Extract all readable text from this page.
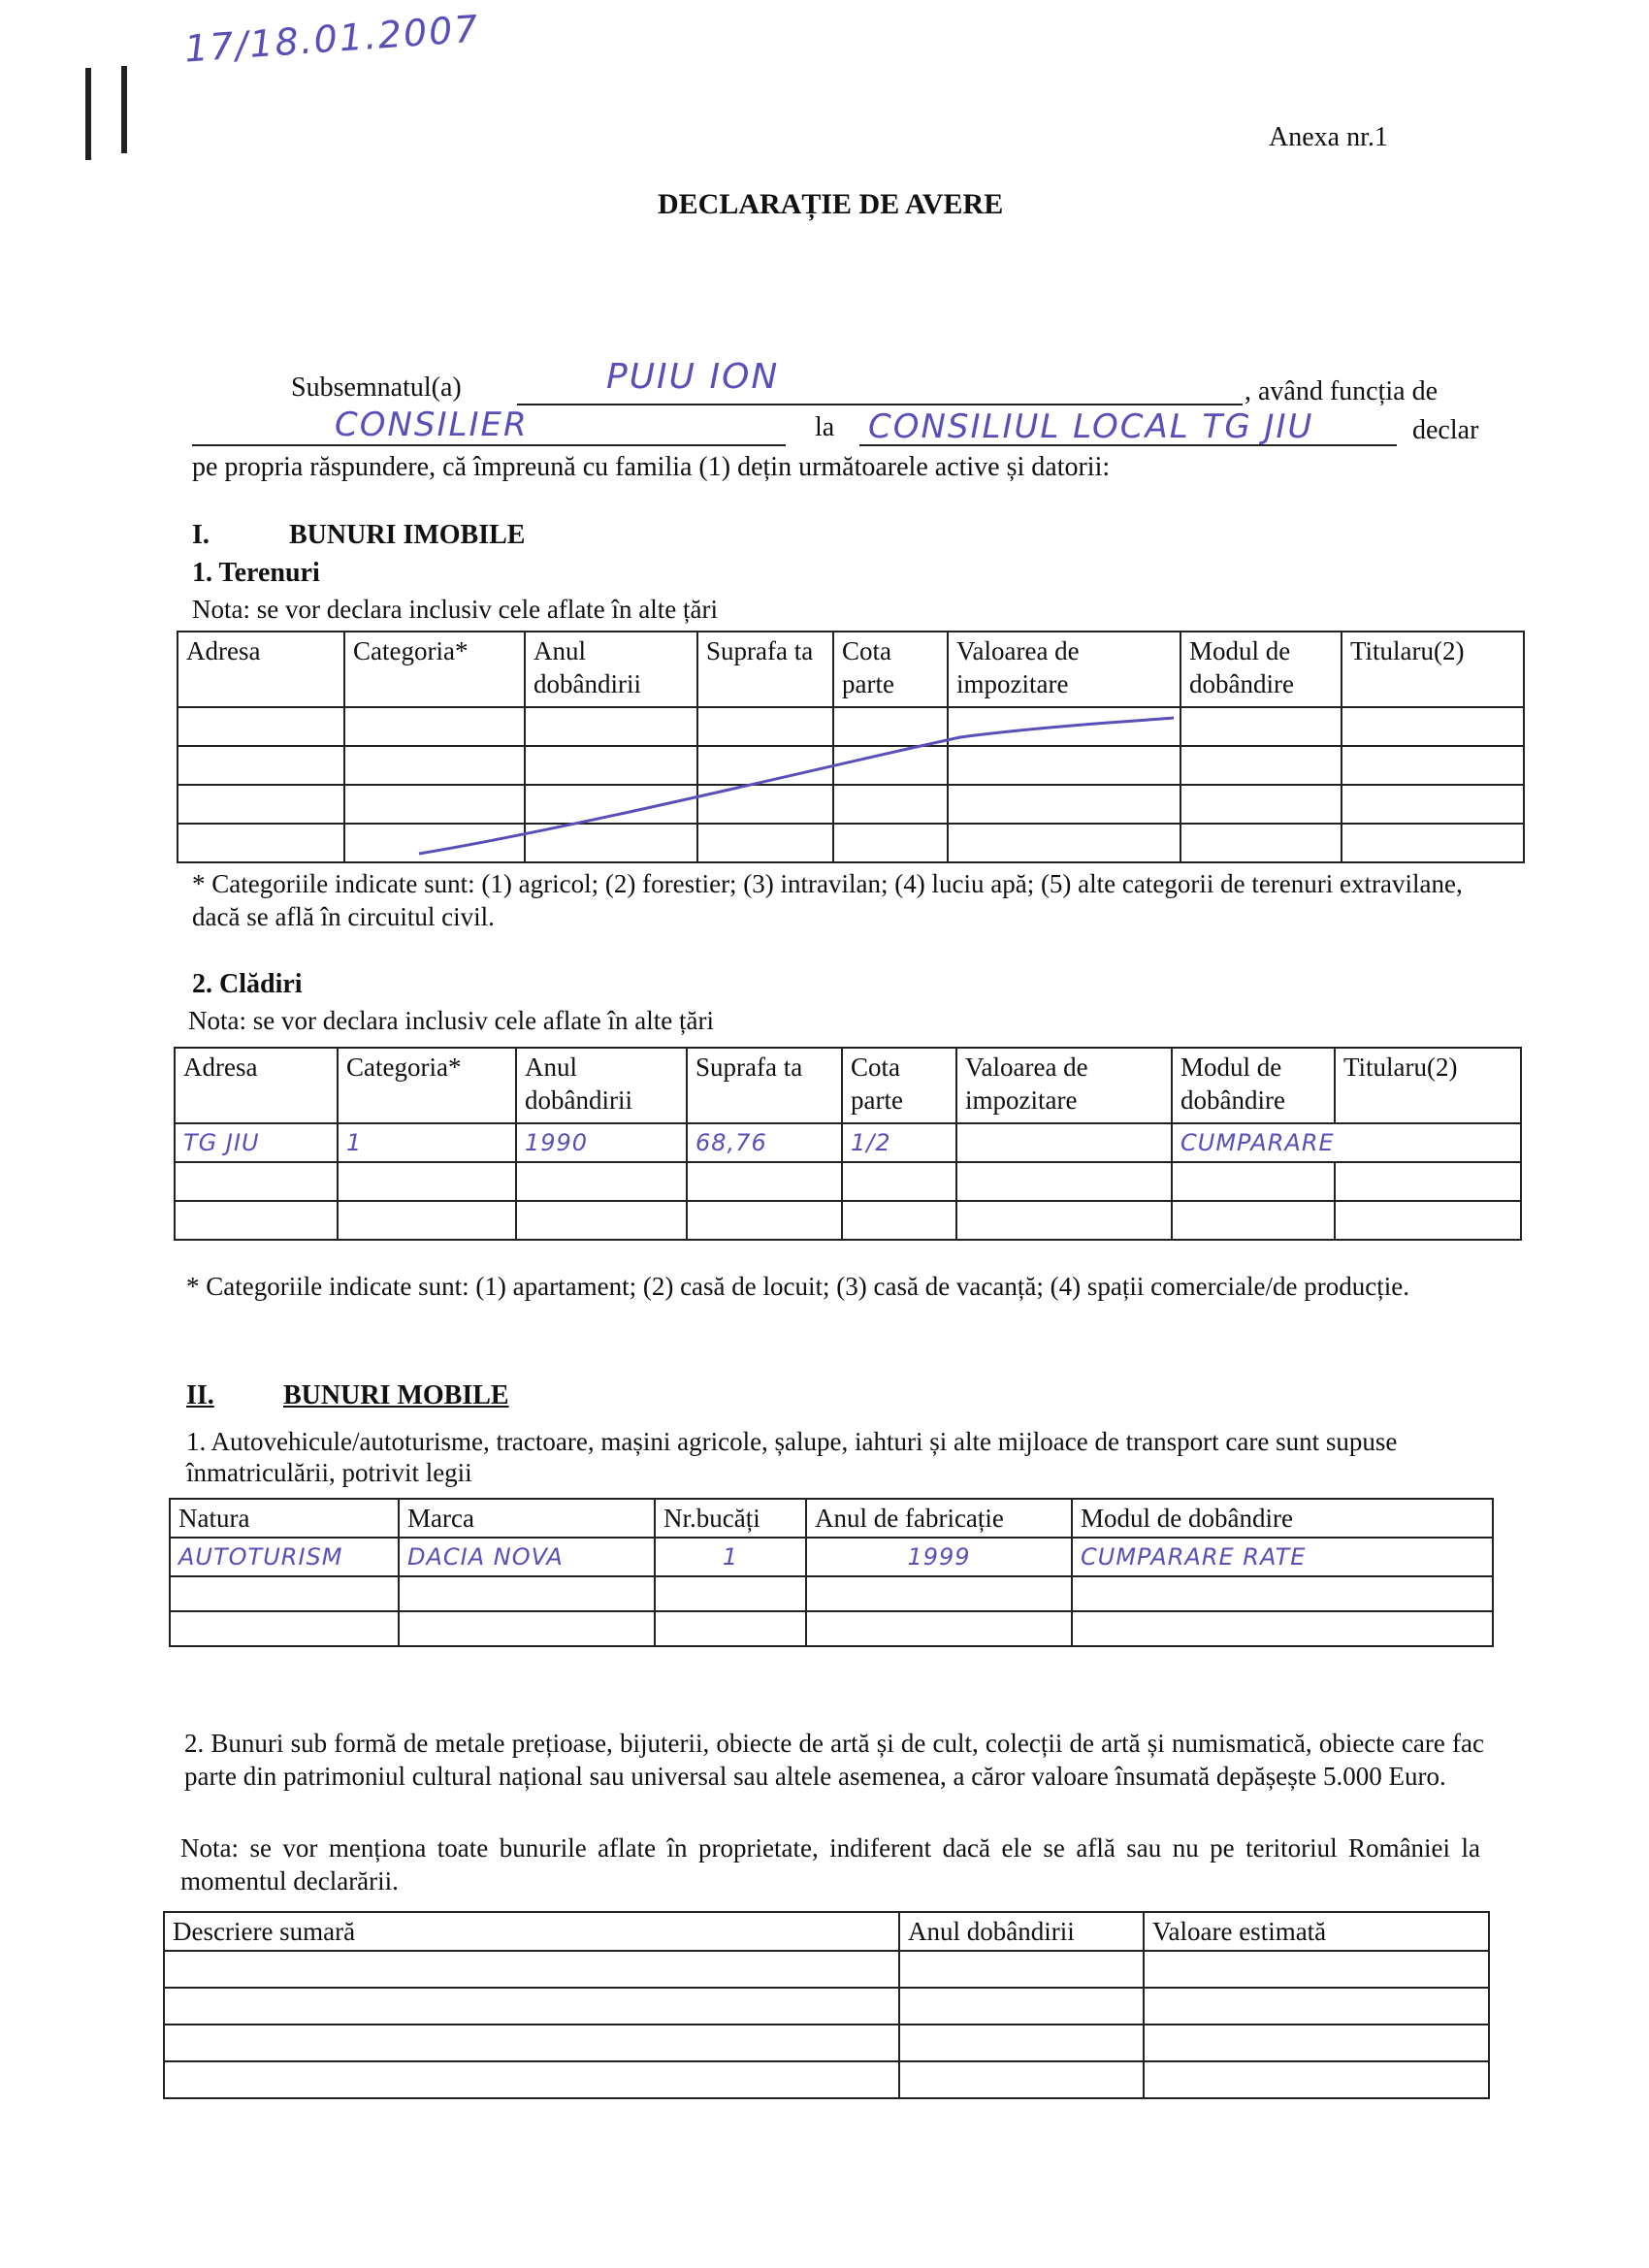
17/18.01.2007
Anexa nr.1
DECLARAȚIE DE AVERE
Subsemnatul(a)	PUIU ION	, având funcția de
CONSILIER	la CONSILIUL LOCAL TG JIU	declar
pe propria răspundere, că împreună cu familia (1) dețin următoarele active și datorii:
I.	BUNURI IMOBILE
1. Terenuri
Nota: se vor declara inclusiv cele aflate în alte țări
Adresa	Categoria*	Anul dobândirii	Suprafa ta	Cota parte	Valoarea de impozitare	Modul de dobândire	Titularu(2)

* Categoriile indicate sunt: (1) agricol; (2) forestier; (3) intravilan; (4) luciu apă; (5) alte categorii de terenuri extravilane, dacă se află în circuitul civil.
2. Clădiri
Nota: se vor declara inclusiv cele aflate în alte țări
Adresa	Categoria*	Anul dobândirii	Suprafa ta	Cota parte	Valoarea de impozitare	Modul de dobândire	Titularu(2)
TG JIU	1	1990	68,76	1/2		CUMPARARE	

* Categoriile indicate sunt: (1) apartament; (2) casă de locuit; (3) casă de vacanță; (4) spații comerciale/de producție.
II.	BUNURI MOBILE
1. Autovehicule/autoturisme, tractoare, mașini agricole, șalupe, iahturi și alte mijloace de transport care sunt supuse înmatriculării, potrivit legii
Natura	Marca	Nr.bucăți	Anul de fabricație	Modul de dobândire
AUTOTURISM	DACIA NOVA	1	1999	CUMPARARE RATE

2. Bunuri sub formă de metale prețioase, bijuterii, obiecte de artă și de cult, colecții de artă și numismatică, obiecte care fac parte din patrimoniul cultural național sau universal sau altele asemenea, a căror valoare însumată depășește 5.000 Euro.
Nota: se vor menționa toate bunurile aflate în proprietate, indiferent dacă ele se află sau nu pe teritoriul României la momentul declarării.
Descriere sumară	Anul dobândirii	Valoare estimată
